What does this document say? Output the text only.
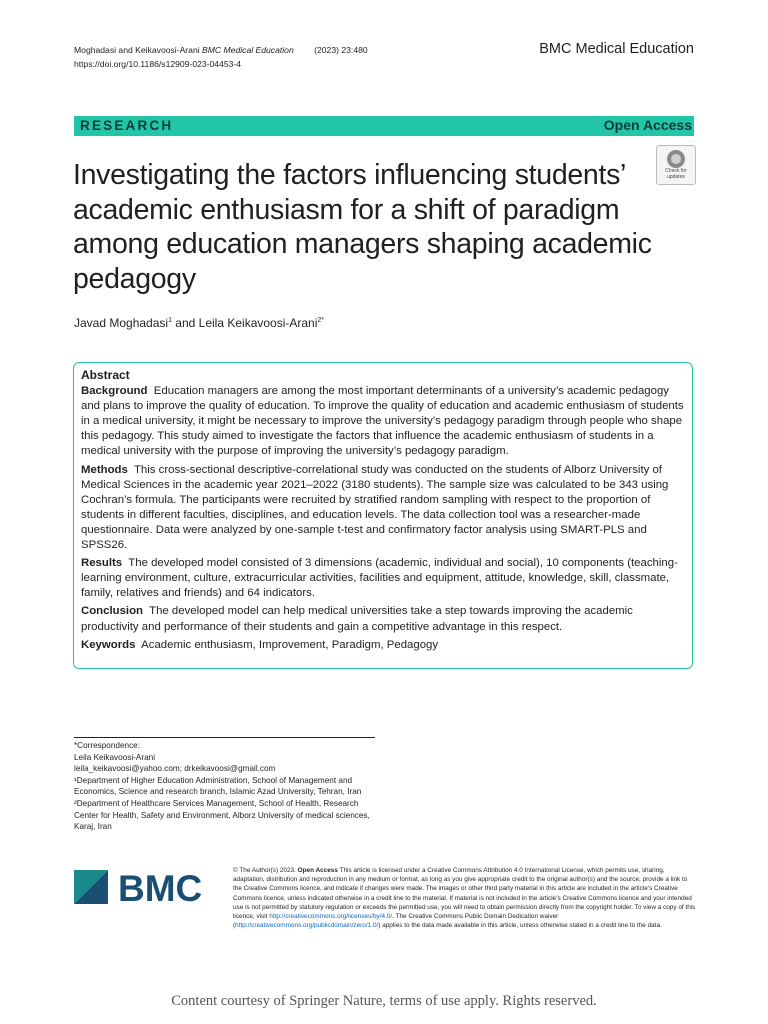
Moghadasi and Keikavoosi-Arani BMC Medical Education (2023) 23:480
https://doi.org/10.1186/s12909-023-04453-4
BMC Medical Education
RESEARCH	Open Access
Check for
updates
Investigating the factors influencing students’ academic enthusiasm for a shift of paradigm among education managers shaping academic pedagogy
Javad Moghadasi$^1$ and Leila Keikavoosi-Arani$^{2*}$
Abstract

Background Education managers are among the most important determinants of a university’s academic pedagogy and plans to improve the quality of education. To improve the quality of education and academic enthusiasm of students in a medical university, it might be necessary to improve the university’s pedagogy paradigm through people who shape this pedagogy. This study aimed to investigate the factors that influence the academic enthusiasm of students in a medical university with the purpose of improving the university’s pedagogy paradigm.

Methods This cross-sectional descriptive-correlational study was conducted on the students of Alborz University of Medical Sciences in the academic year 2021–2022 (3180 students). The sample size was calculated to be 343 using Cochran’s formula. The participants were recruited by stratified random sampling with respect to the proportion of students in different faculties, disciplines, and education levels. The data collection tool was a researcher-made questionnaire. Data were analyzed by one-sample t-test and confirmatory factor analysis using SMART-PLS and SPSS26.

Results The developed model consisted of 3 dimensions (academic, individual and social), 10 components (teaching-learning environment, culture, extracurricular activities, facilities and equipment, attitude, knowledge, skill, classmate, family, relatives and friends) and 64 indicators.

Conclusion The developed model can help medical universities take a step towards improving the academic productivity and performance of their students and gain a competitive advantage in this respect.

Keywords Academic enthusiasm, Improvement, Paradigm, Pedagogy

*Correspondence:

Leila Keikavoosi-Arani

leila_keikavoosi@yahoo.com; drkeikavoosi@gmail.com

¹Department of Higher Education Administration, School of Management and Economics, Science and research branch, Islamic Azad University, Tehran, Iran

²Department of Healthcare Services Management, School of Health, Research Center for Health, Safety and Environment, Alborz University of medical sciences, Karaj, Iran

BMC	© The Author(s) 2023. Open Access This article is licensed under a Creative Commons Attribution 4.0 International License, which permits use, sharing, adaptation, distribution and reproduction in any medium or format, as long as you give appropriate credit to the original author(s) and the source, provide a link to the Creative Commons licence, and indicate if changes were made. The images or other third party material in this article are included in the article’s Creative Commons licence, unless indicated otherwise in a credit line to the material. If material is not included in the article’s Creative Commons licence and your intended use is not permitted by statutory regulation or exceeds the permitted use, you will need to obtain permission directly from the copyright holder. To view a copy of this licence, visit http://creativecommons.org/licenses/by/4.0/. The Creative Commons Public Domain Dedication waiver (http://creativecommons.org/publicdomain/zero/1.0/) applies to the data made available in this article, unless otherwise stated in a credit line to the data.
Content courtesy of Springer Nature, terms of use apply. Rights reserved.
